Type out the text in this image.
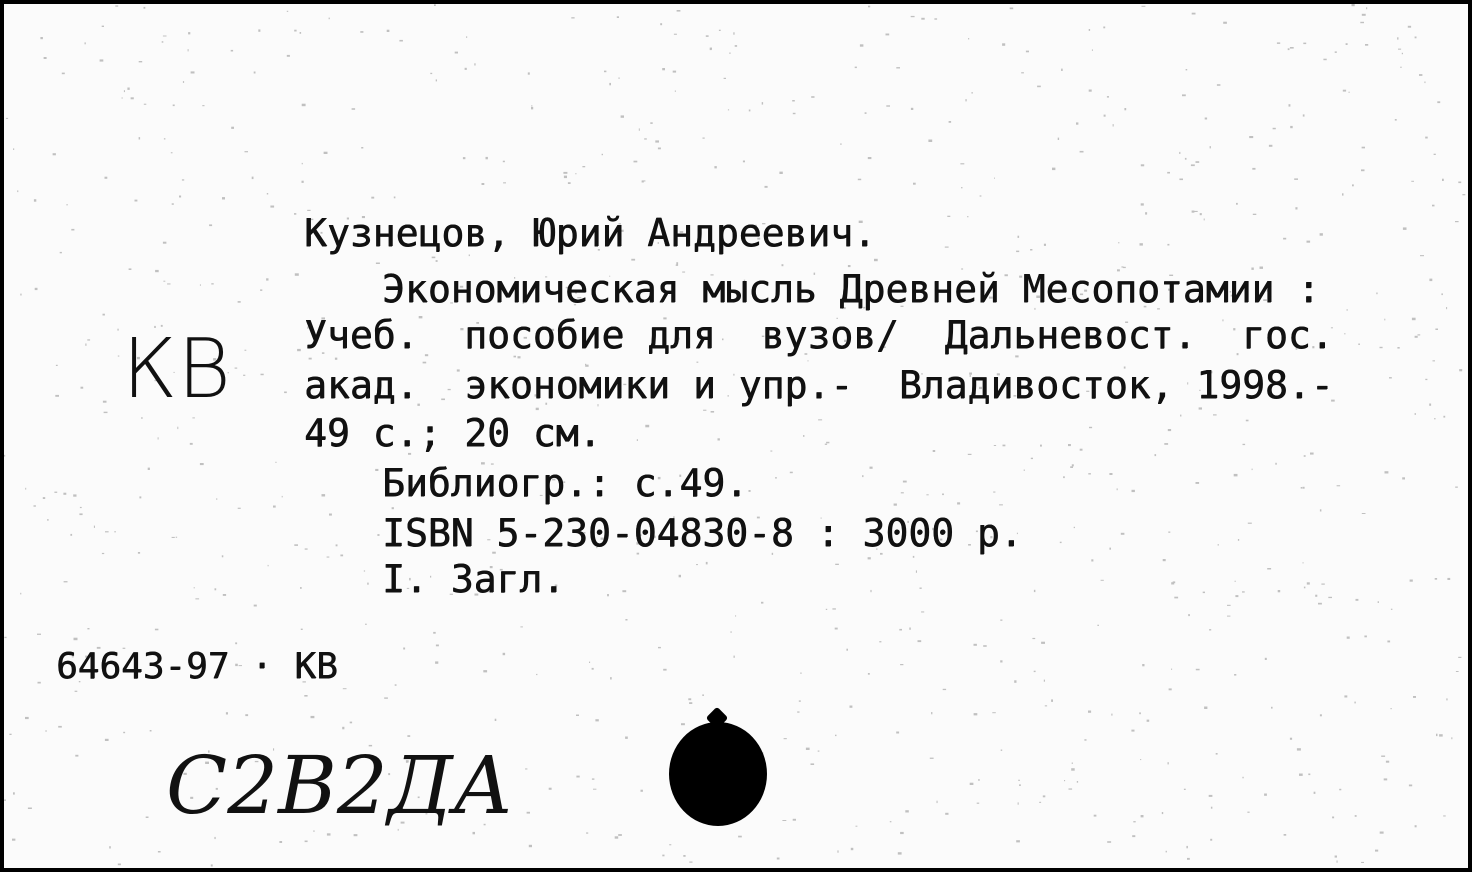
Кузнецов, Юрий Андреевич.
Экономическая мысль Древней Месопотамии :
Учеб.  пособие для  вузов/  Дальневост.  гос.
акад.  экономики и упр.-  Владивосток, 1998.-
49 с.; 20 см.
Библиогр.: с.49.
ISBN 5-230-04830-8 : 3000 р.
I. Загл.
КВ
64643-97 · КВ
С2В2ДА
